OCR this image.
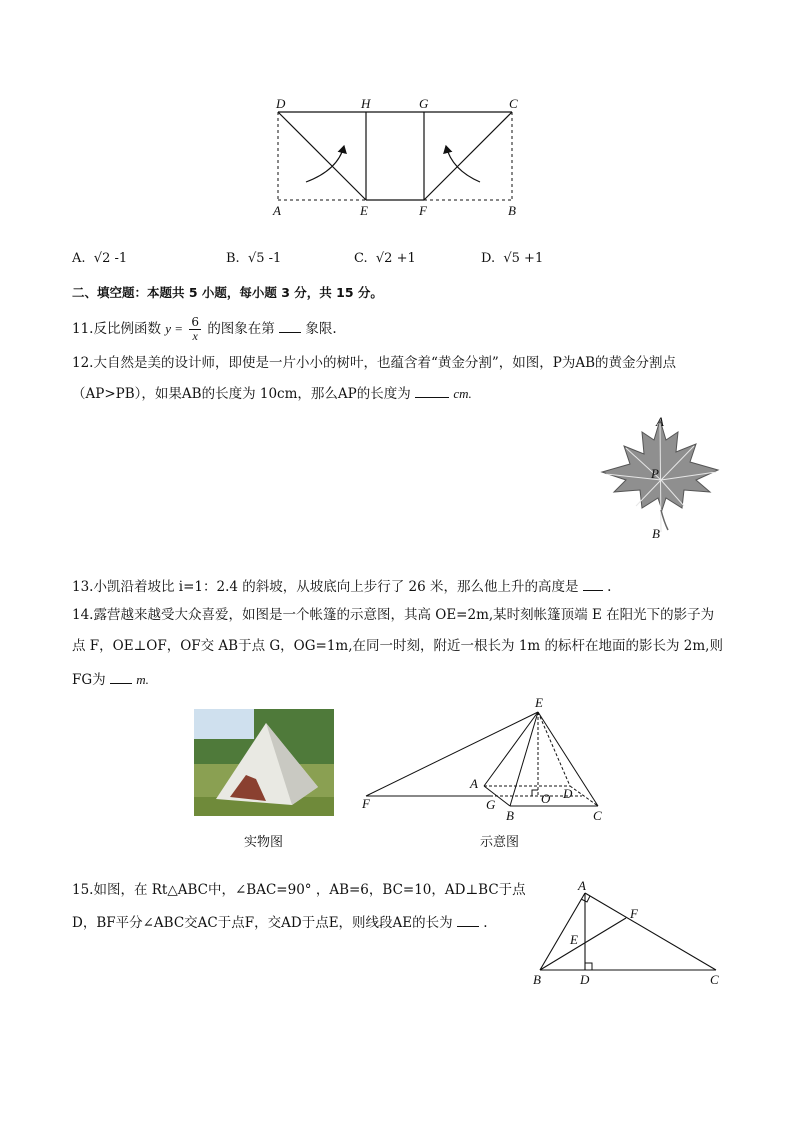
D	H	G	C
A	E	F	B
A. √2 -1	B. √5 -1	C. √2 +1	D. √5 +1
二、填空题：本题共 5 小题，每小题 3 分，共 15 分。
11.反比例函数 $y = \frac{6}{x}$ 的图象在第 象限.
12.大自然是美的设计师，即使是一片小小的树叶，也蕴含着“黄金分割”，如图，P为AB的黄金分割点
（AP>PB），如果AB的长度为 10cm，那么AP的长度为	cm.
A
P
B
13.小凯沿着坡比 i=1：2.4 的斜坡，从坡底向上步行了 26 米，那么他上升的高度是 .
14.露营越来越受大众喜爱，如图是一个帐篷的示意图，其高 OE=2m,某时刻帐篷顶端 E 在阳光下的影子为
点 F，OE⊥OF，OF交 AB于点 G，OG=1m,在同一时刻，附近一根长为 1m 的标杆在地面的影长为 2m,则
FG为 m.
实物图
E
A
F	G
B
O D
C
示意图
15.如图，在 Rt△ABC中，∠BAC=90° ，AB=6，BC=10，AD⊥BC于点
D，BF平分∠ABC交AC于点F，交AD于点E，则线段AE的长为 .
A
F
E
B	D	C
